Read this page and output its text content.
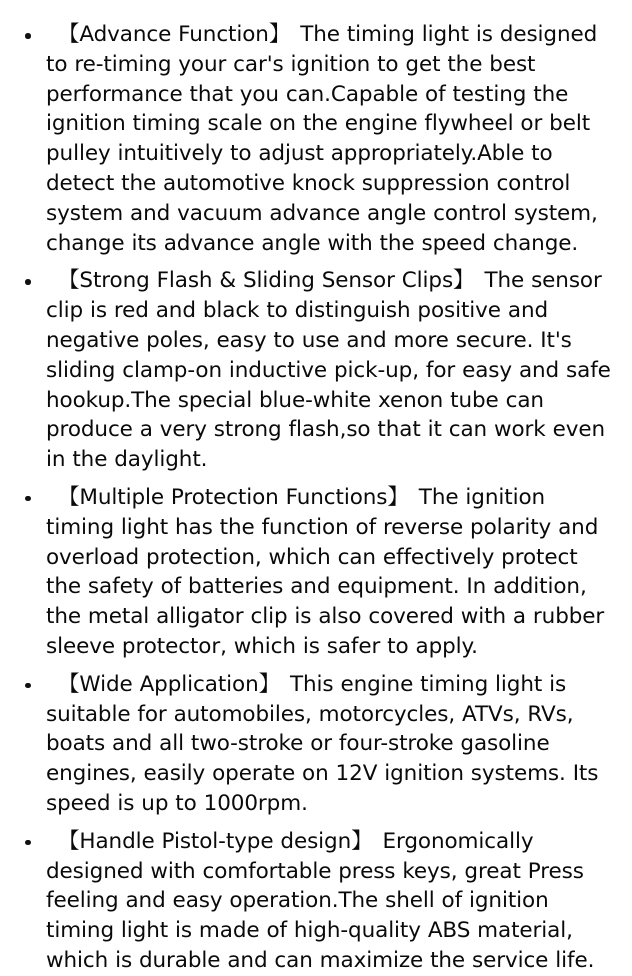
【Advance Function】 The timing light is designed to re-timing your car's ignition to get the best performance that you can.Capable of testing the ignition timing scale on the engine flywheel or belt pulley intuitively to adjust appropriately.Able to detect the automotive knock suppression control system and vacuum advance angle control system, change its advance angle with the speed change.
【Strong Flash & Sliding Sensor Clips】 The sensor clip is red and black to distinguish positive and negative poles, easy to use and more secure. It's sliding clamp-on inductive pick-up, for easy and safe hookup.The special blue-white xenon tube can produce a very strong flash,so that it can work even in the daylight.
【Multiple Protection Functions】 The ignition timing light has the function of reverse polarity and overload protection, which can effectively protect the safety of batteries and equipment. In addition, the metal alligator clip is also covered with a rubber sleeve protector, which is safer to apply.
【Wide Application】 This engine timing light is suitable for automobiles, motorcycles, ATVs, RVs, boats and all two-stroke or four-stroke gasoline engines, easily operate on 12V ignition systems. Its speed is up to 1000rpm.
【Handle Pistol-type design】 Ergonomically designed with comfortable press keys, great Press feeling and easy operation.The shell of ignition timing light is made of high-quality ABS material, which is durable and can maximize the service life.
